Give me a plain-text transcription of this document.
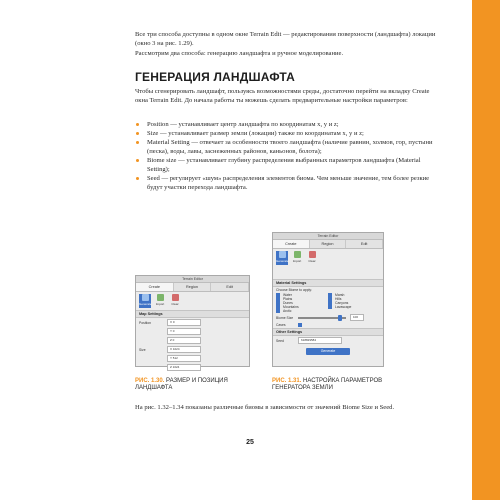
Все три способа доступны в одном окне Terrain Edit — редактирования поверхности (ландшафта) локации (окно 3 на рис. 1.29).

Рассмотрим два способа: генерацию ландшафта и ручное моделирование.

ГЕНЕРАЦИЯ ЛАНДШАФТА

Чтобы сгенерировать ландшафт, пользуясь возможностями среды, достаточно перейти на вкладку Create окна Terrain Edit. До начала работы ты можешь сделать предварительные настройки параметров:

Position — устанавливает центр ландшафта по координатам x, y и z;
Size — устанавливает размер земли (локации) также по координатам x, y и z;
Material Setting — отвечает за особенности твоего ландшафта (наличие равнин, холмов, гор, пустыни (песка), воды, лавы, заснеженных районов, каньонов, болота);
Biome size — устанавливает глубину распределения выбранных параметров ландшафта (Material Setting);
Seed — регулирует «шум» распределения элементов биома. Чем меньше значение, тем более резкие будут участки перехода ландшафта.
Terrain Editor
Create	Region	Edit
Generate	Import	Clear
Map Settings
Position	X 0
Y 0
Z 0
Size	X 1024
Y 512
Z 1024
РИС. 1.30. РАЗМЕР И ПОЗИЦИЯ ЛАНДШАФТА
Terrain Editor
Create	Region	Edit
Generate	Import	Clear
Material Settings
Choose Biome to apply:
Water
Plains
Dunes
Mountains
Arctic
Marsh
Hills
Canyons
Lavascape
Biome Size	100
Caves
Other Settings
Seed	618829584
Generate
РИС. 1.31. НАСТРОЙКА ПАРАМЕТРОВ ГЕНЕРАТОРА ЗЕМЛИ

На рис. 1.32–1.34 показаны различные биомы в зависимости от значений Biome Size и Seed.

25
